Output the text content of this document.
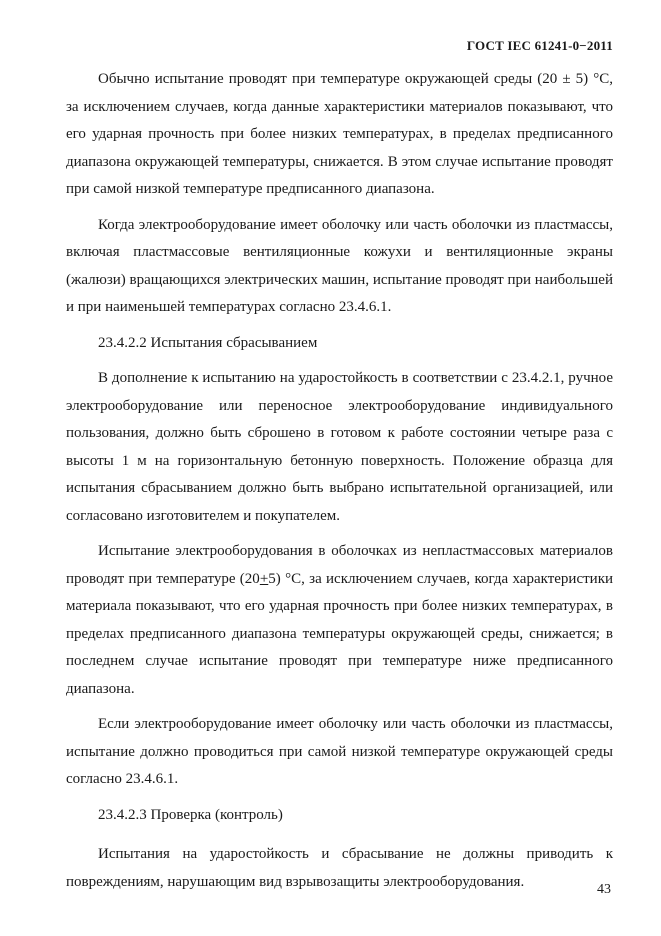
ГОСТ IEC 61241-0−2011

Обычно испытание проводят при температуре окружающей среды (20 ± 5) °С, за исключением случаев, когда данные характеристики материалов показывают, что его ударная прочность при более низких температурах, в пределах предписанного диапазона окружающей температуры, снижается. В этом случае испытание проводят при самой низкой температуре предписанного диапазона.

Когда электрооборудование имеет оболочку или часть оболочки из пластмассы, включая пластмассовые вентиляционные кожухи и вентиляционные экраны (жалюзи) вращающихся электрических машин, испытание проводят при наибольшей и при наименьшей температурах согласно 23.4.6.1.

23.4.2.2 Испытания сбрасыванием

В дополнение к испытанию на ударостойкость в соответствии с 23.4.2.1, ручное электрооборудование или переносное электрооборудование индивидуального пользования, должно быть сброшено в готовом к работе состоянии четыре раза с высоты 1 м на горизонтальную бетонную поверхность. Положение образца для испытания сбрасыванием должно быть выбрано испытательной организацией, или согласовано изготовителем и покупателем.

Испытание электрооборудования в оболочках из непластмассовых материалов проводят при температуре (20+5) °С, за исключением случаев, когда характеристики материала показывают, что его ударная прочность при более низких температурах, в пределах предписанного диапазона температуры окружающей среды, снижается; в последнем случае испытание проводят при температуре ниже предписанного диапазона.

Если электрооборудование имеет оболочку или часть оболочки из пластмассы, испытание должно проводиться при самой низкой температуре окружающей среды согласно 23.4.6.1.

23.4.2.3 Проверка (контроль)

Испытания на ударостойкость и сбрасывание не должны приводить к повреждениям, нарушающим вид взрывозащиты электрооборудования.	43
